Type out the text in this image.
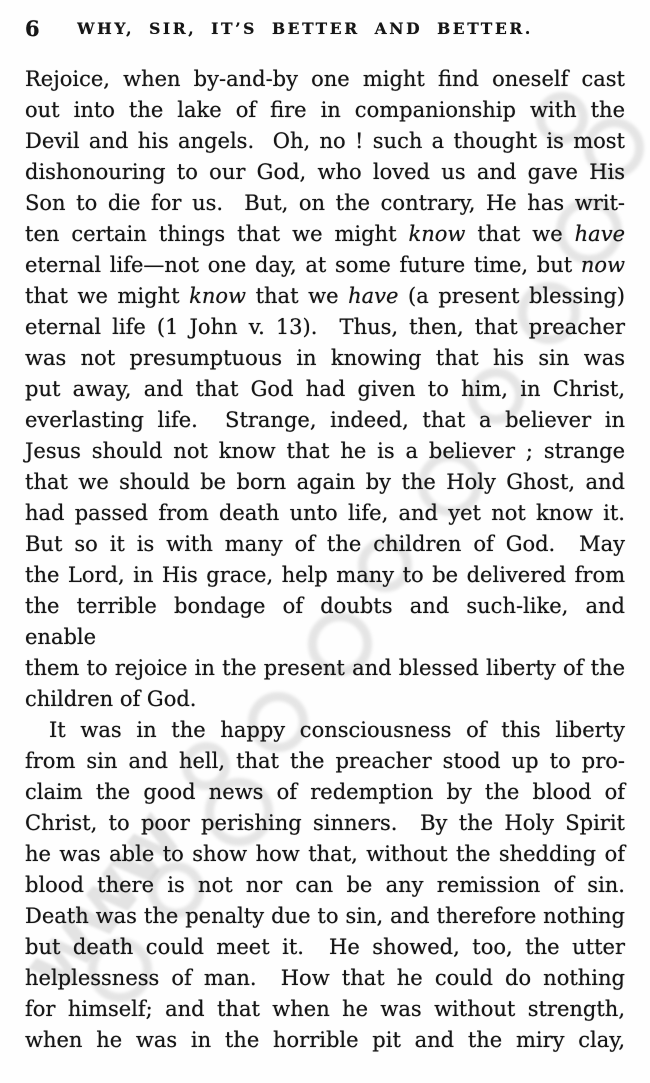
www
6	WHY, SIR, IT’S BETTER AND BETTER.
Rejoice, when by-and-by one might find oneself cast
out into the lake of fire in companionship with the
Devil and his angels.  Oh, no ! such a thought is most
dishonouring to our God, who loved us and gave His
Son to die for us.  But, on the contrary, He has writ-
ten certain things that we might know that we have
eternal life—not one day, at some future time, but now
that we might know that we have (a present blessing)
eternal life (1 John v. 13).  Thus, then, that preacher
was not presumptuous in knowing that his sin was
put away, and that God had given to him, in Christ,
everlasting life.  Strange, indeed, that a believer in
Jesus should not know that he is a believer ; strange
that we should be born again by the Holy Ghost, and
had passed from death unto life, and yet not know it.
But so it is with many of the children of God.  May
the Lord, in His grace, help many to be delivered from
the terrible bondage of doubts and such-like, and enable
them to rejoice in the present and blessed liberty of the
children of God.
It was in the happy consciousness of this liberty
from sin and hell, that the preacher stood up to pro-
claim the good news of redemption by the blood of
Christ, to poor perishing sinners.  By the Holy Spirit
he was able to show how that, without the shedding of
blood there is not nor can be any remission of sin.
Death was the penalty due to sin, and therefore nothing
but death could meet it.  He showed, too, the utter
helplessness of man.  How that he could do nothing
for himself; and that when he was without strength,
when he was in the horrible pit and the miry clay,
